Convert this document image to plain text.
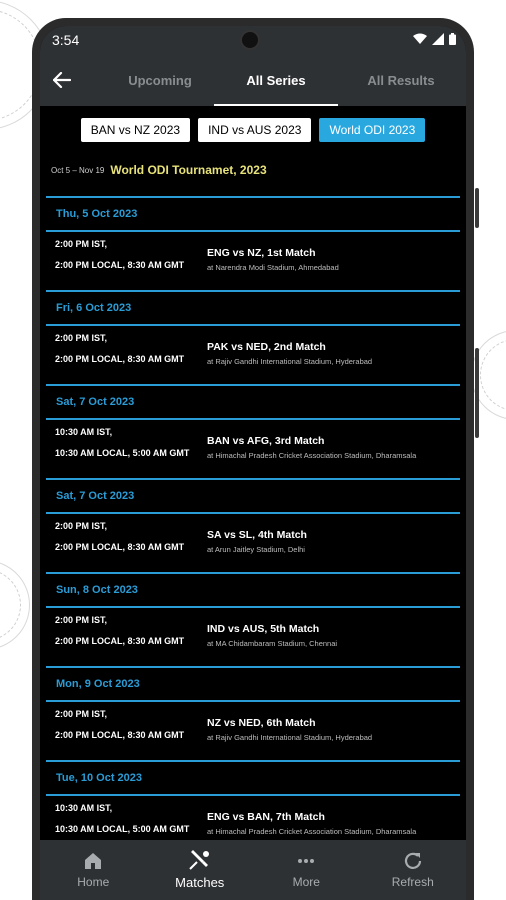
3:54
Upcoming	All Series	All Results
BAN vs NZ 2023	IND vs AUS 2023	World ODI 2023
Oct 5 – Nov 19 World ODI Tournamet, 2023
Thu, 5 Oct 2023
2:00 PM IST,
2:00 PM LOCAL, 8:30 AM GMT
ENG vs NZ, 1st Match
at Narendra Modi Stadium, Ahmedabad
Fri, 6 Oct 2023
2:00 PM IST,
2:00 PM LOCAL, 8:30 AM GMT
PAK vs NED, 2nd Match
at Rajiv Gandhi International Stadium, Hyderabad
Sat, 7 Oct 2023
10:30 AM IST,
10:30 AM LOCAL, 5:00 AM GMT
BAN vs AFG, 3rd Match
at Himachal Pradesh Cricket Association Stadium, Dharamsala
Sat, 7 Oct 2023
2:00 PM IST,
2:00 PM LOCAL, 8:30 AM GMT
SA vs SL, 4th Match
at Arun Jaitley Stadium, Delhi
Sun, 8 Oct 2023
2:00 PM IST,
2:00 PM LOCAL, 8:30 AM GMT
IND vs AUS, 5th Match
at MA Chidambaram Stadium, Chennai
Mon, 9 Oct 2023
2:00 PM IST,
2:00 PM LOCAL, 8:30 AM GMT
NZ vs NED, 6th Match
at Rajiv Gandhi International Stadium, Hyderabad
Tue, 10 Oct 2023
10:30 AM IST,
10:30 AM LOCAL, 5:00 AM GMT
ENG vs BAN, 7th Match
at Himachal Pradesh Cricket Association Stadium, Dharamsala
Home	Matches	More	Refresh
